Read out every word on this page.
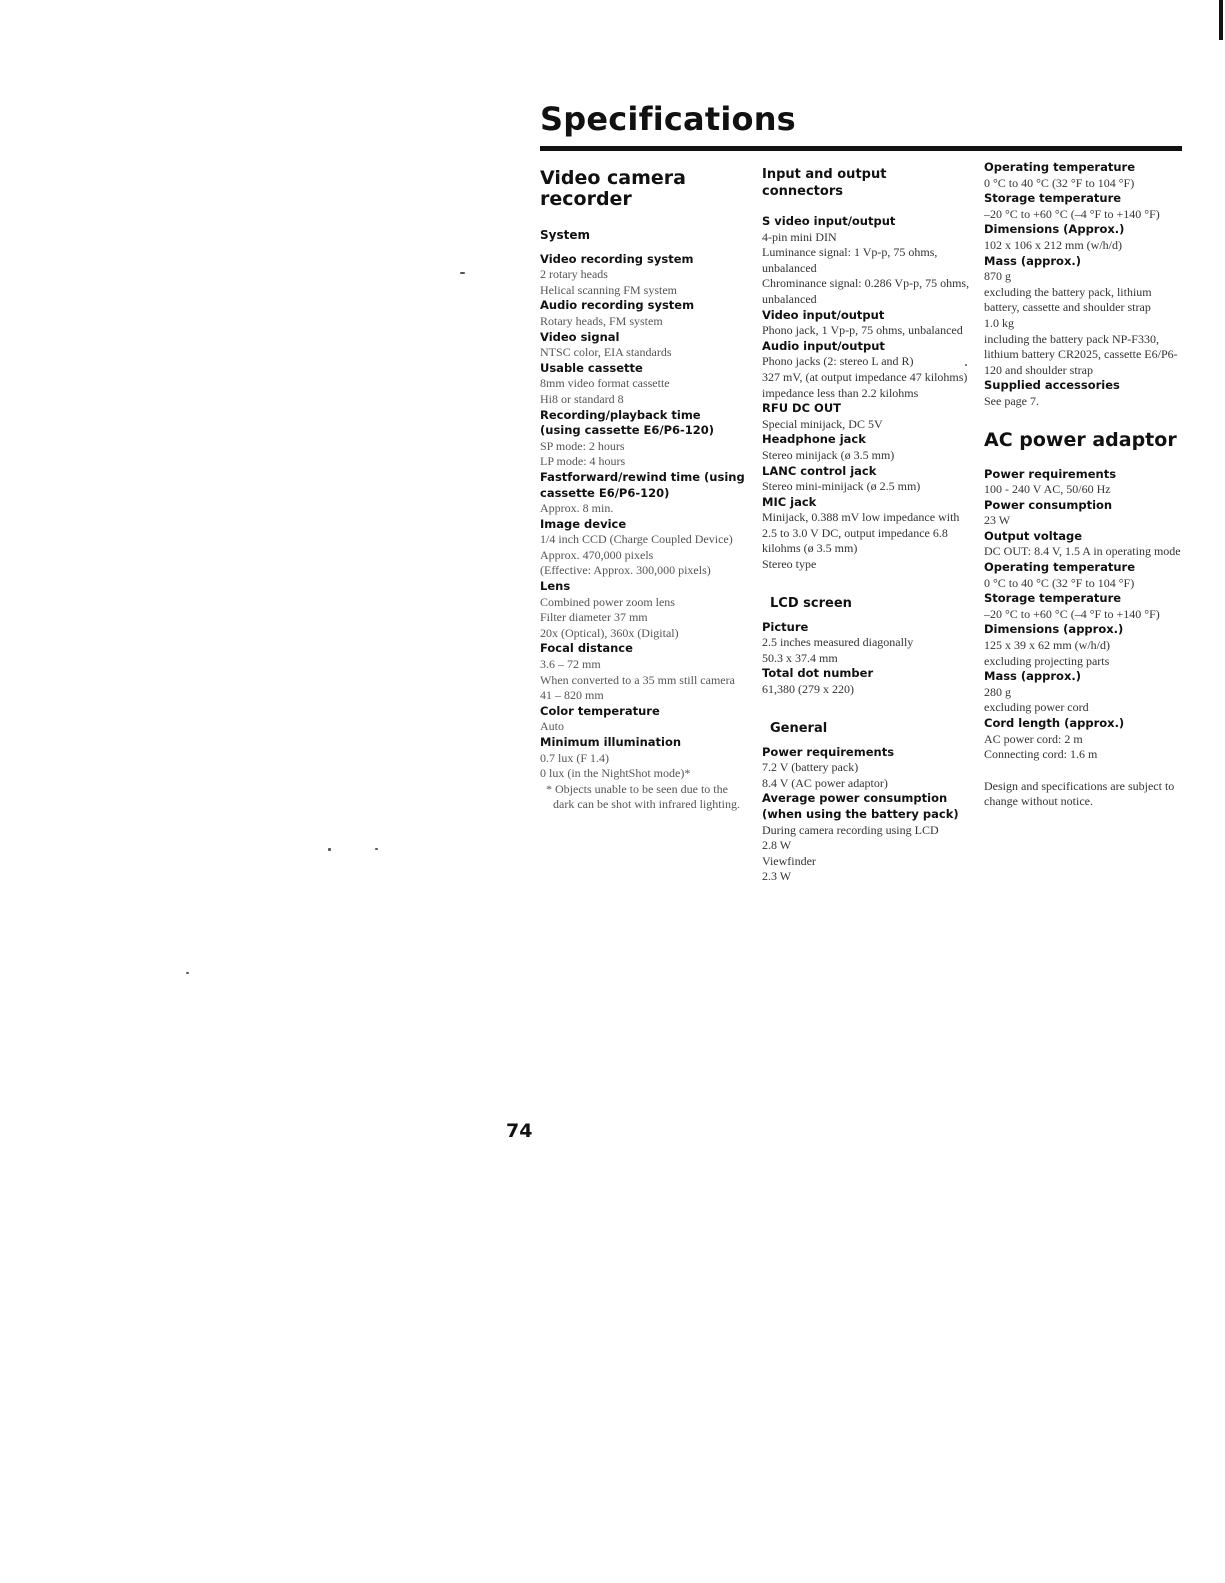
Specifications
Video camera recorder
System

Video recording system

2 rotary heads

Helical scanning FM system

Audio recording system

Rotary heads, FM system

Video signal

NTSC color, EIA standards

Usable cassette

8mm video format cassette

Hi8 or standard 8

Recording/playback time (using cassette E6/P6-120)

SP mode: 2 hours

LP mode: 4 hours

Fastforward/rewind time (using cassette E6/P6-120)

Approx. 8 min.

Image device

1/4 inch CCD (Charge Coupled Device)

Approx. 470,000 pixels

(Effective: Approx. 300,000 pixels)

Lens

Combined power zoom lens

Filter diameter 37 mm

20x (Optical), 360x (Digital)

Focal distance

3.6 – 72 mm

When converted to a 35 mm still camera

41 – 820 mm

Color temperature

Auto

Minimum illumination

0.7 lux (F 1.4)

0 lux (in the NightShot mode)*

* Objects unable to be seen due to the dark can be shot with infrared lighting.

Input and output connectors

S video input/output

4-pin mini DIN

Luminance signal: 1 Vp-p, 75 ohms, unbalanced

Chrominance signal: 0.286 Vp-p, 75 ohms, unbalanced

Video input/output

Phono jack, 1 Vp-p, 75 ohms, unbalanced

Audio input/output

Phono jacks (2: stereo L and R)

327 mV, (at output impedance 47 kilohms) impedance less than 2.2 kilohms

RFU DC OUT

Special minijack, DC 5V

Headphone jack

Stereo minijack (ø 3.5 mm)

LANC control jack

Stereo mini-minijack (ø 2.5 mm)

MIC jack

Minijack, 0.388 mV low impedance with 2.5 to 3.0 V DC, output impedance 6.8 kilohms (ø 3.5 mm)

Stereo type

LCD screen

Picture

2.5 inches measured diagonally

50.3 x 37.4 mm

Total dot number

61,380 (279 x 220)

General

Power requirements

7.2 V (battery pack)

8.4 V (AC power adaptor)

Average power consumption (when using the battery pack)

During camera recording using LCD

2.8 W

Viewfinder

2.3 W

Operating temperature

0 °C to 40 °C (32 °F to 104 °F)

Storage temperature

–20 °C to +60 °C (–4 °F to +140 °F)

Dimensions (Approx.)

102 x 106 x 212 mm (w/h/d)

Mass (approx.)

870 g

excluding the battery pack, lithium battery, cassette and shoulder strap

1.0 kg

including the battery pack NP-F330, lithium battery CR2025, cassette E6/P6-120 and shoulder strap

Supplied accessories

See page 7.

AC power adaptor

Power requirements

100 - 240 V AC, 50/60 Hz

Power consumption

23 W

Output voltage

DC OUT: 8.4 V, 1.5 A in operating mode

Operating temperature

0 °C to 40 °C (32 °F to 104 °F)

Storage temperature

–20 °C to +60 °C (–4 °F to +140 °F)

Dimensions (approx.)

125 x 39 x 62 mm (w/h/d)

excluding projecting parts

Mass (approx.)

280 g

excluding power cord

Cord length (approx.)

AC power cord: 2 m

Connecting cord: 1.6 m

Design and specifications are subject to change without notice.

74
